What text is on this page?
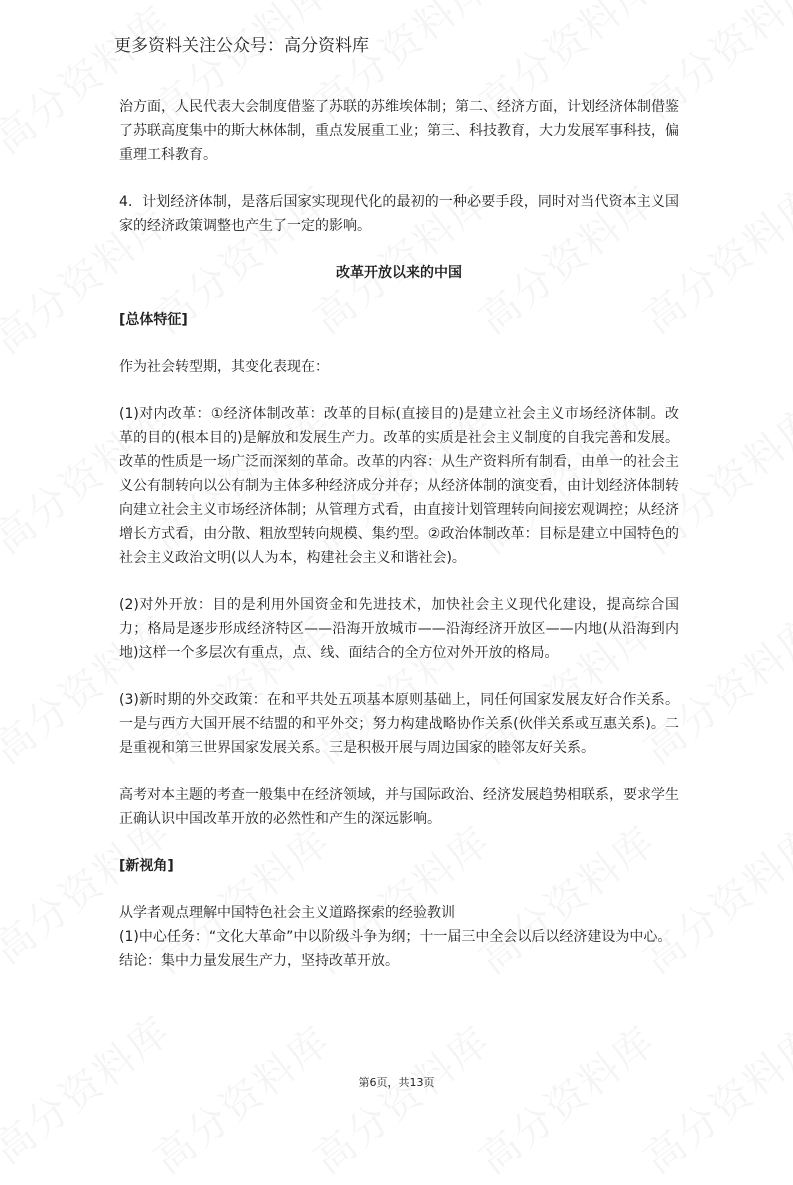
更多资料关注公众号：高分资料库

治方面，人民代表大会制度借鉴了苏联的苏维埃体制；第二、经济方面，计划经济体制借鉴了苏联高度集中的斯大林体制，重点发展重工业；第三、科技教育，大力发展军事科技，偏重理工科教育。

4．计划经济体制，是落后国家实现现代化的最初的一种必要手段，同时对当代资本主义国家的经济政策调整也产生了一定的影响。

改革开放以来的中国

[总体特征]

作为社会转型期，其变化表现在：

(1)对内改革：①经济体制改革：改革的目标(直接目的)是建立社会主义市场经济体制。改革的目的(根本目的)是解放和发展生产力。改革的实质是社会主义制度的自我完善和发展。改革的性质是一场广泛而深刻的革命。改革的内容：从生产资料所有制看，由单一的社会主义公有制转向以公有制为主体多种经济成分并存；从经济体制的演变看，由计划经济体制转向建立社会主义市场经济体制；从管理方式看，由直接计划管理转向间接宏观调控；从经济增长方式看，由分散、粗放型转向规模、集约型。②政治体制改革：目标是建立中国特色的社会主义政治文明(以人为本，构建社会主义和谐社会)。

(2)对外开放：目的是利用外国资金和先进技术，加快社会主义现代化建设，提高综合国力；格局是逐步形成经济特区——沿海开放城市——沿海经济开放区——内地(从沿海到内地)这样一个多层次有重点，点、线、面结合的全方位对外开放的格局。

(3)新时期的外交政策：在和平共处五项基本原则基础上，同任何国家发展友好合作关系。一是与西方大国开展不结盟的和平外交；努力构建战略协作关系(伙伴关系或互惠关系)。二是重视和第三世界国家发展关系。三是积极开展与周边国家的睦邻友好关系。

高考对本主题的考查一般集中在经济领域，并与国际政治、经济发展趋势相联系，要求学生正确认识中国改革开放的必然性和产生的深远影响。

[新视角]

从学者观点理解中国特色社会主义道路探索的经验教训

(1)中心任务：“文化大革命”中以阶级斗争为纲；十一届三中全会以后以经济建设为中心。

结论：集中力量发展生产力，坚持改革开放。

第6页，共13页
